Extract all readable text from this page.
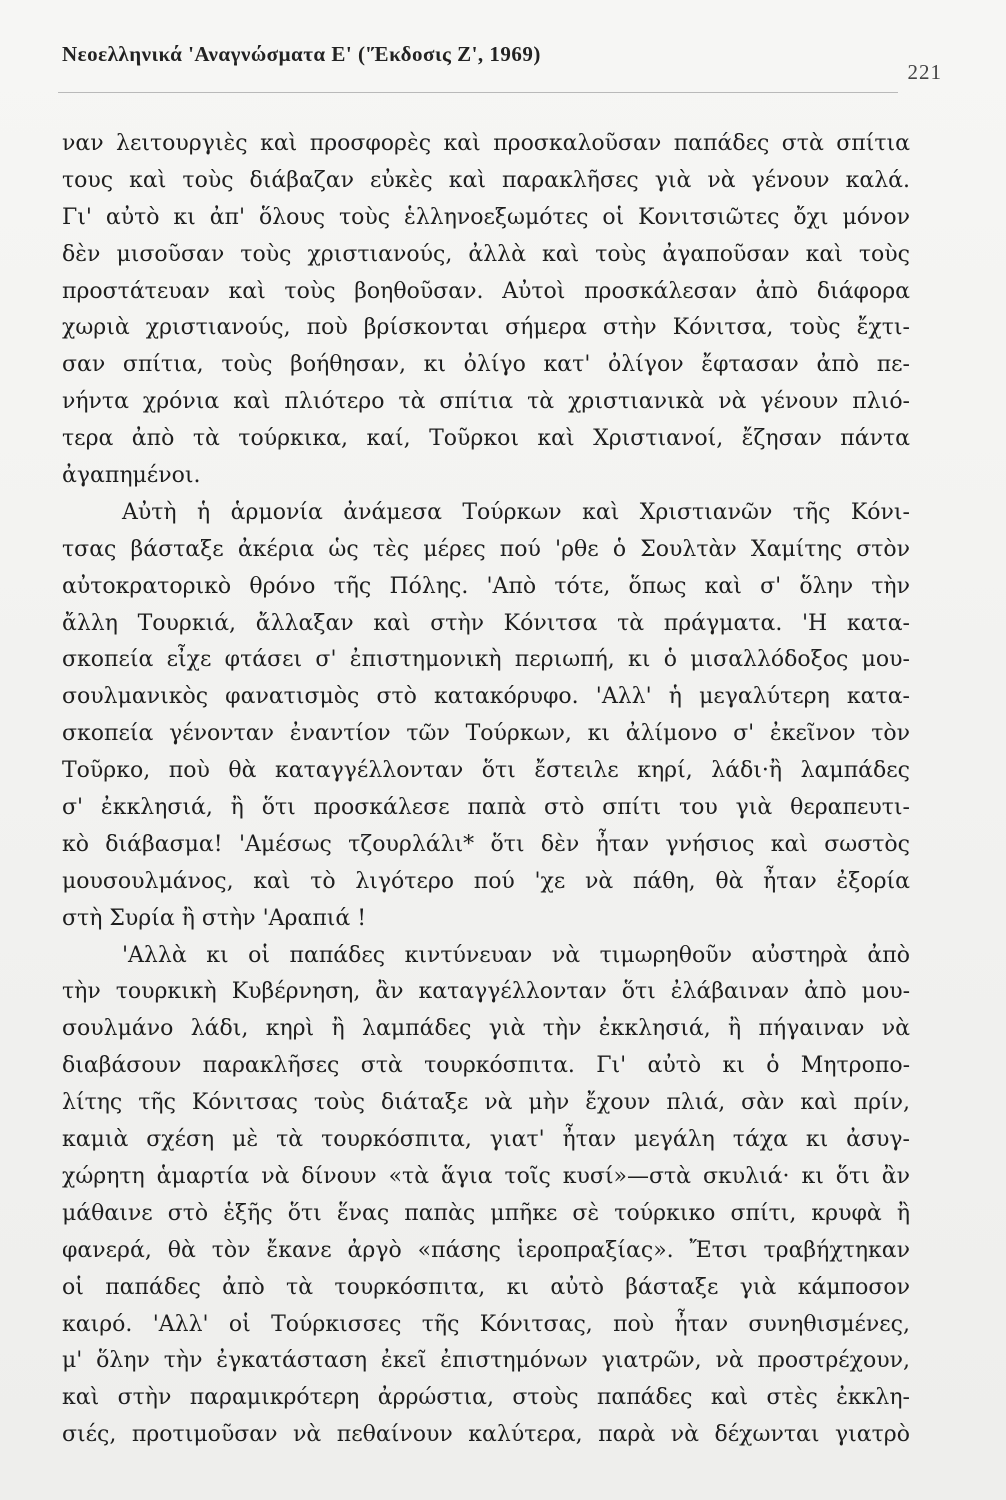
Νεοελληνικά 'Αναγνώσματα Ε' ('Έκδοσις Ζ', 1969)
221
ναν λειτουργιὲς καὶ προσφορὲς καὶ προσκαλοῦσαν παπάδες στὰ σπίτια
τους καὶ τοὺς διάβαζαν εὐκὲς καὶ παρακλῆσες γιὰ νὰ γένουν καλά.
Γι' αὐτὸ κι ἀπ' ὅλους τοὺς ἑλληνοεξωμότες οἱ Κονιτσιῶτες ὄχι μόνον
δὲν μισοῦσαν τοὺς χριστιανούς, ἀλλὰ καὶ τοὺς ἀγαποῦσαν καὶ τοὺς
προστάτευαν καὶ τοὺς βοηθοῦσαν. Αὐτοὶ προσκάλεσαν ἀπὸ διάφορα
χωριὰ χριστιανούς, ποὺ βρίσκονται σήμερα στὴν Κόνιτσα, τοὺς ἔχτι-
σαν σπίτια, τοὺς βοήθησαν, κι ὀλίγο κατ' ὀλίγον ἔφτασαν ἀπὸ πε-
νήντα χρόνια καὶ πλιότερο τὰ σπίτια τὰ χριστιανικὰ νὰ γένουν πλιό-
τερα ἀπὸ τὰ τούρκικα, καί, Τοῦρκοι καὶ Χριστιανοί, ἔζησαν πάντα
ἀγαπημένοι.
Αὐτὴ ἡ ἁρμονία ἀνάμεσα Τούρκων καὶ Χριστιανῶν τῆς Κόνι-
τσας βάσταξε ἀκέρια ὡς τὲς μέρες πού 'ρθε ὁ Σουλτὰν Χαμίτης στὸν
αὐτοκρατορικὸ θρόνο τῆς Πόλης. 'Απὸ τότε, ὅπως καὶ σ' ὅλην τὴν
ἄλλη Τουρκιά, ἄλλαξαν καὶ στὴν Κόνιτσα τὰ πράγματα. 'Η κατα-
σκοπεία εἶχε φτάσει σ' ἐπιστημονικὴ περιωπή, κι ὁ μισαλλόδοξος μου-
σουλμανικὸς φανατισμὸς στὸ κατακόρυφο. 'Αλλ' ἡ μεγαλύτερη κατα-
σκοπεία γένονταν ἐναντίον τῶν Τούρκων, κι ἀλίμονο σ' ἐκεῖνον τὸν
Τοῦρκο, ποὺ θὰ καταγγέλλονταν ὅτι ἔστειλε κηρί, λάδι·ἢ λαμπάδες
σ' ἐκκλησιά, ἢ ὅτι προσκάλεσε παπὰ στὸ σπίτι του γιὰ θεραπευτι-
κὸ διάβασμα! 'Αμέσως τζουρλάλι* ὅτι δὲν ἦταν γνήσιος καὶ σωστὸς
μουσουλμάνος, καὶ τὸ λιγότερο πού 'χε νὰ πάθη, θὰ ἦταν ἐξορία
στὴ Συρία ἢ στὴν 'Αραπιά !
'Αλλὰ κι οἱ παπάδες κιντύνευαν νὰ τιμωρηθοῦν αὐστηρὰ ἀπὸ
τὴν τουρκικὴ Κυβέρνηση, ἂν καταγγέλλονταν ὅτι ἐλάβαιναν ἀπὸ μου-
σουλμάνο λάδι, κηρὶ ἢ λαμπάδες γιὰ τὴν ἐκκλησιά, ἢ πήγαιναν νὰ
διαβάσουν παρακλῆσες στὰ τουρκόσπιτα. Γι' αὐτὸ κι ὁ Μητροπο-
λίτης τῆς Κόνιτσας τοὺς διάταξε νὰ μὴν ἔχουν πλιά, σὰν καὶ πρίν,
καμιὰ σχέση μὲ τὰ τουρκόσπιτα, γιατ' ἦταν μεγάλη τάχα κι ἀσυγ-
χώρητη ἁμαρτία νὰ δίνουν «τὰ ἅγια τοῖς κυσί»—στὰ σκυλιά· κι ὅτι ἂν
μάθαινε στὸ ἑξῆς ὅτι ἕνας παπὰς μπῆκε σὲ τούρκικο σπίτι, κρυφὰ ἢ
φανερά, θὰ τὸν ἔκανε ἀργὸ «πάσης ἱεροπραξίας». Ἔτσι τραβήχτηκαν
οἱ παπάδες ἀπὸ τὰ τουρκόσπιτα, κι αὐτὸ βάσταξε γιὰ κάμποσον
καιρό. 'Αλλ' οἱ Τούρκισσες τῆς Κόνιτσας, ποὺ ἦταν συνηθισμένες,
μ' ὅλην τὴν ἐγκατάσταση ἐκεῖ ἐπιστημόνων γιατρῶν, νὰ προστρέχουν,
καὶ στὴν παραμικρότερη ἀρρώστια, στοὺς παπάδες καὶ στὲς ἐκκλη-
σιές, προτιμοῦσαν νὰ πεθαίνουν καλύτερα, παρὰ νὰ δέχωνται γιατρὸ
